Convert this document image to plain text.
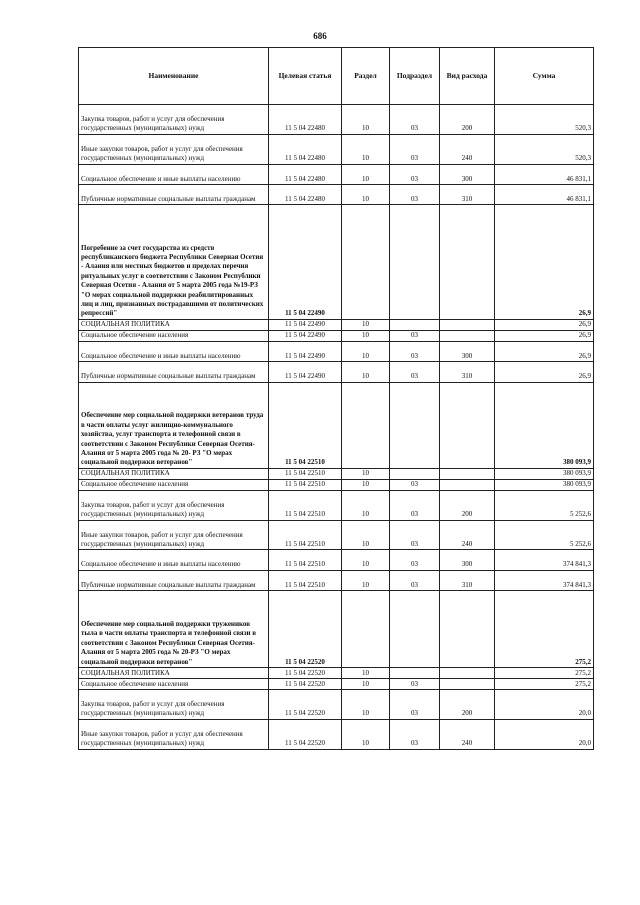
686
Наименование	Целевая статья	Раздел	Подраздел	Вид расхода	Сумма
Закупка товаров, работ и услуг для обеспечения государственных (муниципальных) нужд	11 5 04 22480	10	03	200	520,3
Иные закупки товаров, работ и услуг для обеспечения государственных (муниципальных) нужд	11 5 04 22480	10	03	240	520,3
Социальное обеспечение и иные выплаты населению	11 5 04 22480	10	03	300	46 831,1
Публичные нормативные социальные выплаты гражданам	11 5 04 22480	10	03	310	46 831,1
Погребение за счет государства из средств республиканского бюджета Республики Северная Осетия - Алания или местных бюджетов и пределах перечня ритуальных услуг в соответствии с Законом Республики Северная Осетия - Алания от 5 марта 2005 года №19-РЗ "О мерах социальной поддержки реабилитированных лиц и лиц, признанных пострадавшими от политических репрессий"	11 5 04 22490				26,9
СОЦИАЛЬНАЯ ПОЛИТИКА	11 5 04 22490	10			26,9
Социальное обеспечение населения	11 5 04 22490	10	03		26,9
Социальное обеспечение и иные выплаты населению	11 5 04 22490	10	03	300	26,9
Публичные нормативные социальные выплаты гражданам	11 5 04 22490	10	03	310	26,9
Обеспечение мер социальной поддержки ветеранов труда в части оплаты услуг жилищно-коммунального хозяйства, услуг транспорта и телефонной связи в соответствии с Законом Республики Северная Осетия-Алания от 5 марта 2005 года № 20- РЗ "О мерах социальной поддержки ветеранов"	11 5 04 22510				380 093,9
СОЦИАЛЬНАЯ ПОЛИТИКА	11 5 04 22510	10			380 093,9
Социальное обеспечение населения	11 5 04 22510	10	03		380 093,9
Закупка товаров, работ и услуг для обеспечения государственных (муниципальных) нужд	11 5 04 22510	10	03	200	5 252,6
Иные закупки товаров, работ и услуг для обеспечения государственных (муниципальных) нужд	11 5 04 22510	10	03	240	5 252,6
Социальное обеспечение и иные выплаты населению	11 5 04 22510	10	03	300	374 841,3
Публичные нормативные социальные выплаты гражданам	11 5 04 22510	10	03	310	374 841,3
Обеспечение мер социальной поддержки тружеников тыла в части оплаты транспорта и телефонной связи в соответствии с Законом Республики Северная Осетия-Алания от 5 марта 2005 года № 20-РЗ "О мерах социальной поддержки ветеранов"	11 5 04 22520				275,2
СОЦИАЛЬНАЯ ПОЛИТИКА	11 5 04 22520	10			275,2
Социальное обеспечение населения	11 5 04 22520	10	03		275,2
Закупка товаров, работ и услуг для обеспечения государственных (муниципальных) нужд	11 5 04 22520	10	03	200	20,0
Иные закупки товаров, работ и услуг для обеспечения государственных (муниципальных) нужд	11 5 04 22520	10	03	240	20,0
